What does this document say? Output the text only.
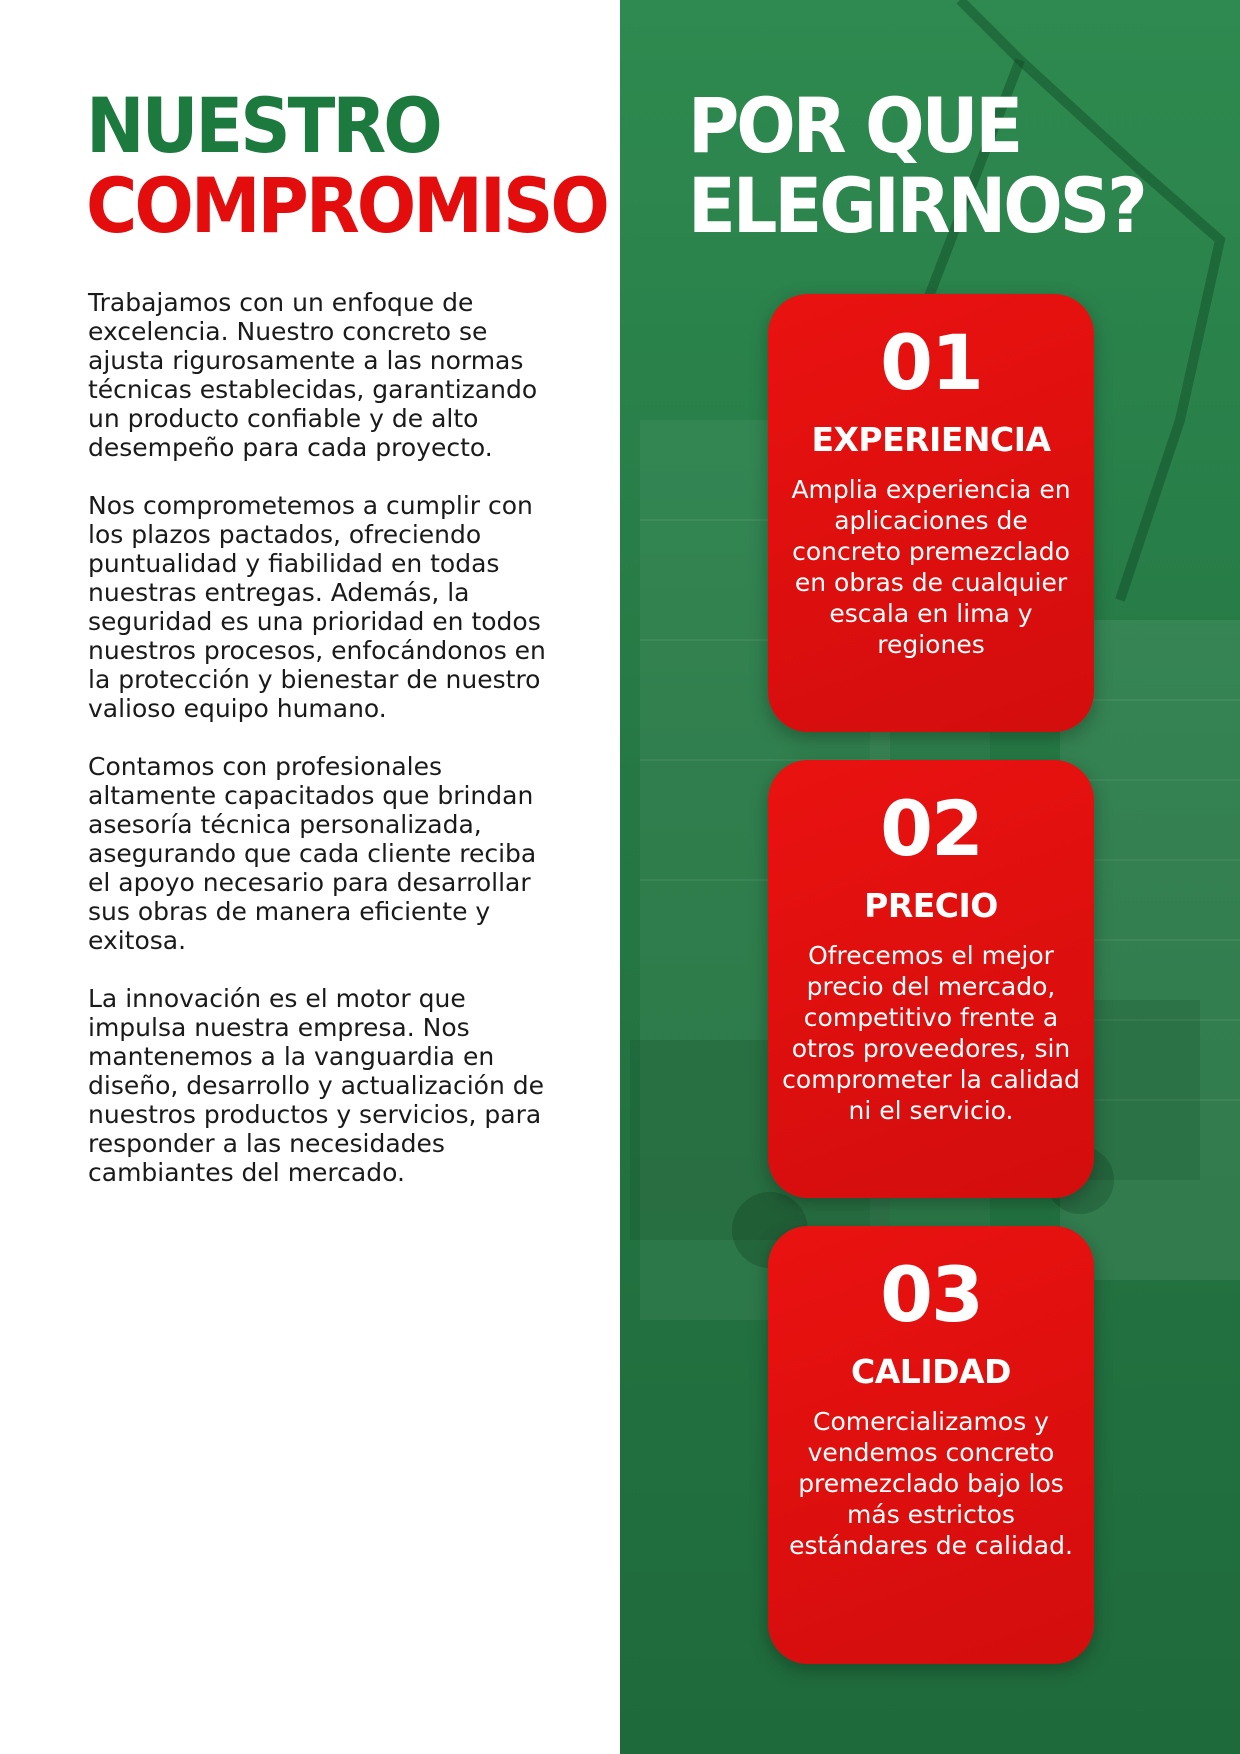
NUESTRO
COMPROMISO

Trabajamos con un enfoque de excelencia. Nuestro concreto se ajusta rigurosamente a las normas técnicas establecidas, garantizando un producto confiable y de alto desempeño para cada proyecto.

Nos comprometemos a cumplir con los plazos pactados, ofreciendo puntualidad y fiabilidad en todas nuestras entregas. Además, la seguridad es una prioridad en todos nuestros procesos, enfocándonos en la protección y bienestar de nuestro valioso equipo humano.

Contamos con profesionales altamente capacitados que brindan asesoría técnica personalizada, asegurando que cada cliente reciba el apoyo necesario para desarrollar sus obras de manera eficiente y exitosa.

La innovación es el motor que impulsa nuestra empresa. Nos mantenemos a la vanguardia en diseño, desarrollo y actualización de nuestros productos y servicios, para responder a las necesidades cambiantes del mercado.

POR QUE
ELEGIRNOS?
01
EXPERIENCIA
Amplia experiencia en aplicaciones de concreto premezclado en obras de cualquier escala en lima y regiones
02
PRECIO
Ofrecemos el mejor precio del mercado, competitivo frente a otros proveedores, sin comprometer la calidad ni el servicio.
03
CALIDAD
Comercializamos y vendemos concreto premezclado bajo los más estrictos estándares de calidad.
